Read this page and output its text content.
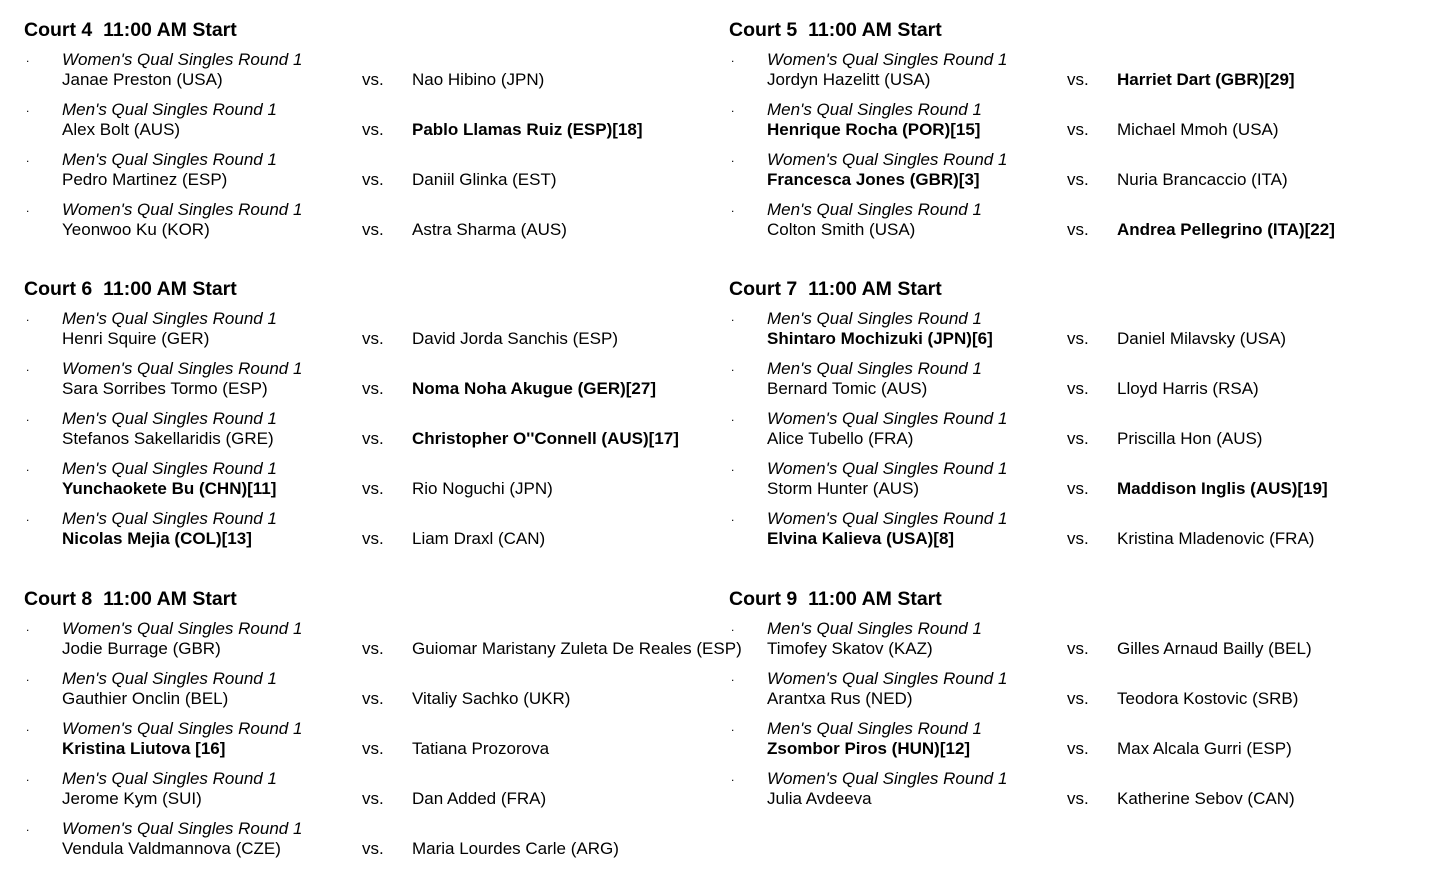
Court 4  11:00 AM Start
. Women's Qual Singles Round 1
Janae Preston (USA)	vs. Nao Hibino (JPN)
. Men's Qual Singles Round 1
Alex Bolt (AUS)	vs. Pablo Llamas Ruiz (ESP)[18]
. Men's Qual Singles Round 1
Pedro Martinez (ESP)	vs. Daniil Glinka (EST)
. Women's Qual Singles Round 1
Yeonwoo Ku (KOR)	vs. Astra Sharma (AUS)
Court 5  11:00 AM Start
. Women's Qual Singles Round 1
Jordyn Hazelitt (USA)	vs. Harriet Dart (GBR)[29]
. Men's Qual Singles Round 1
Henrique Rocha (POR)[15]	vs. Michael Mmoh (USA)
. Women's Qual Singles Round 1
Francesca Jones (GBR)[3]	vs. Nuria Brancaccio (ITA)
. Men's Qual Singles Round 1
Colton Smith (USA)	vs. Andrea Pellegrino (ITA)[22]
Court 6  11:00 AM Start
. Men's Qual Singles Round 1
Henri Squire (GER)	vs. David Jorda Sanchis (ESP)
. Women's Qual Singles Round 1
Sara Sorribes Tormo (ESP)	vs. Noma Noha Akugue (GER)[27]
. Men's Qual Singles Round 1
Stefanos Sakellaridis (GRE)	vs. Christopher O''Connell (AUS)[17]
. Men's Qual Singles Round 1
Yunchaokete Bu (CHN)[11]	vs. Rio Noguchi (JPN)
. Men's Qual Singles Round 1
Nicolas Mejia (COL)[13]	vs. Liam Draxl (CAN)
Court 7  11:00 AM Start
. Men's Qual Singles Round 1
Shintaro Mochizuki (JPN)[6]	vs. Daniel Milavsky (USA)
. Men's Qual Singles Round 1
Bernard Tomic (AUS)	vs. Lloyd Harris (RSA)
. Women's Qual Singles Round 1
Alice Tubello (FRA)	vs. Priscilla Hon (AUS)
. Women's Qual Singles Round 1
Storm Hunter (AUS)	vs. Maddison Inglis (AUS)[19]
. Women's Qual Singles Round 1
Elvina Kalieva (USA)[8]	vs. Kristina Mladenovic (FRA)
Court 8  11:00 AM Start
. Women's Qual Singles Round 1
Jodie Burrage (GBR)	vs. Guiomar Maristany Zuleta De Reales (ESP)
. Men's Qual Singles Round 1
Gauthier Onclin (BEL)	vs. Vitaliy Sachko (UKR)
. Women's Qual Singles Round 1
Kristina Liutova [16]	vs. Tatiana Prozorova
. Men's Qual Singles Round 1
Jerome Kym (SUI)	vs. Dan Added (FRA)
. Women's Qual Singles Round 1
Vendula Valdmannova (CZE)	vs. Maria Lourdes Carle (ARG)
Court 9  11:00 AM Start
. Men's Qual Singles Round 1
Timofey Skatov (KAZ)	vs. Gilles Arnaud Bailly (BEL)
. Women's Qual Singles Round 1
Arantxa Rus (NED)	vs. Teodora Kostovic (SRB)
. Men's Qual Singles Round 1
Zsombor Piros (HUN)[12]	vs. Max Alcala Gurri (ESP)
. Women's Qual Singles Round 1
Julia Avdeeva	vs. Katherine Sebov (CAN)
